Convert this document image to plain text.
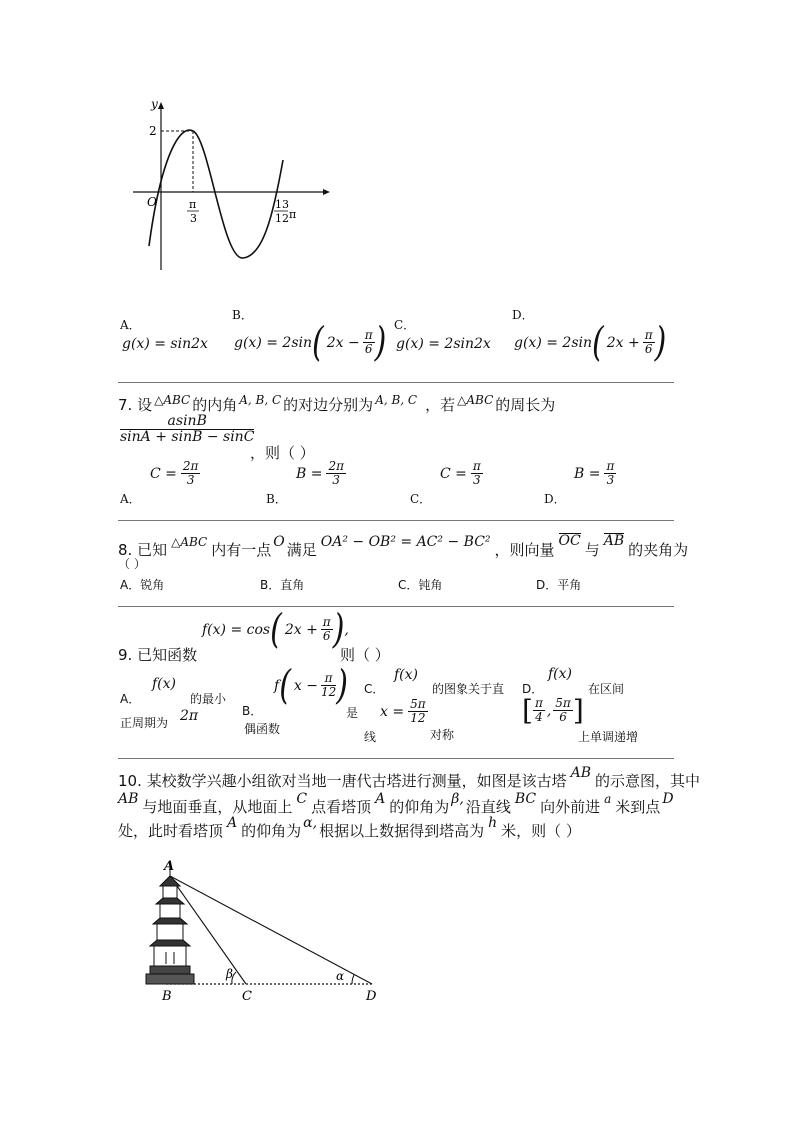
y
O
2
π
3
13
12 π
A．
g(x) = sin2x
B．
g(x) = 2sin ( $2x - \frac{\pi}{6}$ ) C．
g(x) = 2sin2x
D．
g(x) = 2sin ( $2x + \frac{\pi}{6}$ )
7. 设 △ABC 的内角 A, B, C 的对边分别为 A, B, C ，若 △ABC 的周长为
$\frac{asinB}{\sin A + \sin B - \sin C}$
，则（ ）
A．
$C = \frac{2\pi}{3}$
B．
$B = \frac{2\pi}{3}$
C．
$C = \frac{\pi}{3}$
D．
$B = \frac{\pi}{3}$
8. 已知 △ABC 内有一点 O 满足 OA² − OB² = AC² − BC² ，则向量 OC 与 AB 的夹角为
（ ）
A．锐角	B．直角	C．钝角	D．平角
f(x) = cos ( $2x + \frac{\pi}{6}$ ) ,
9. 已知函数	则（ ）
A．
f(x)
的最小
正周期为 2π
f ( $x - \frac{\pi}{12}$ )
B．	是
偶函数
C．
f(x)
的图象关于直
线
$x = \frac{5\pi}{12}$
对称
D．
f(x)
在区间
[ $\frac{\pi}{4}$ , $\frac{5\pi}{6}$ ]
上单调递增
10. 某校数学兴趣小组欲对当地一唐代古塔进行测量，如图是该古塔 AB 的示意图，其中
AB 与地面垂直，从地面上 C 点看塔顶 A 的仰角为 β, 沿直线 BC 向外前进 a 米到点 D
处，此时看塔顶 A 的仰角为 α, 根据以上数据得到塔高为 h 米，则（ ）
A
B	C	D
β	α
